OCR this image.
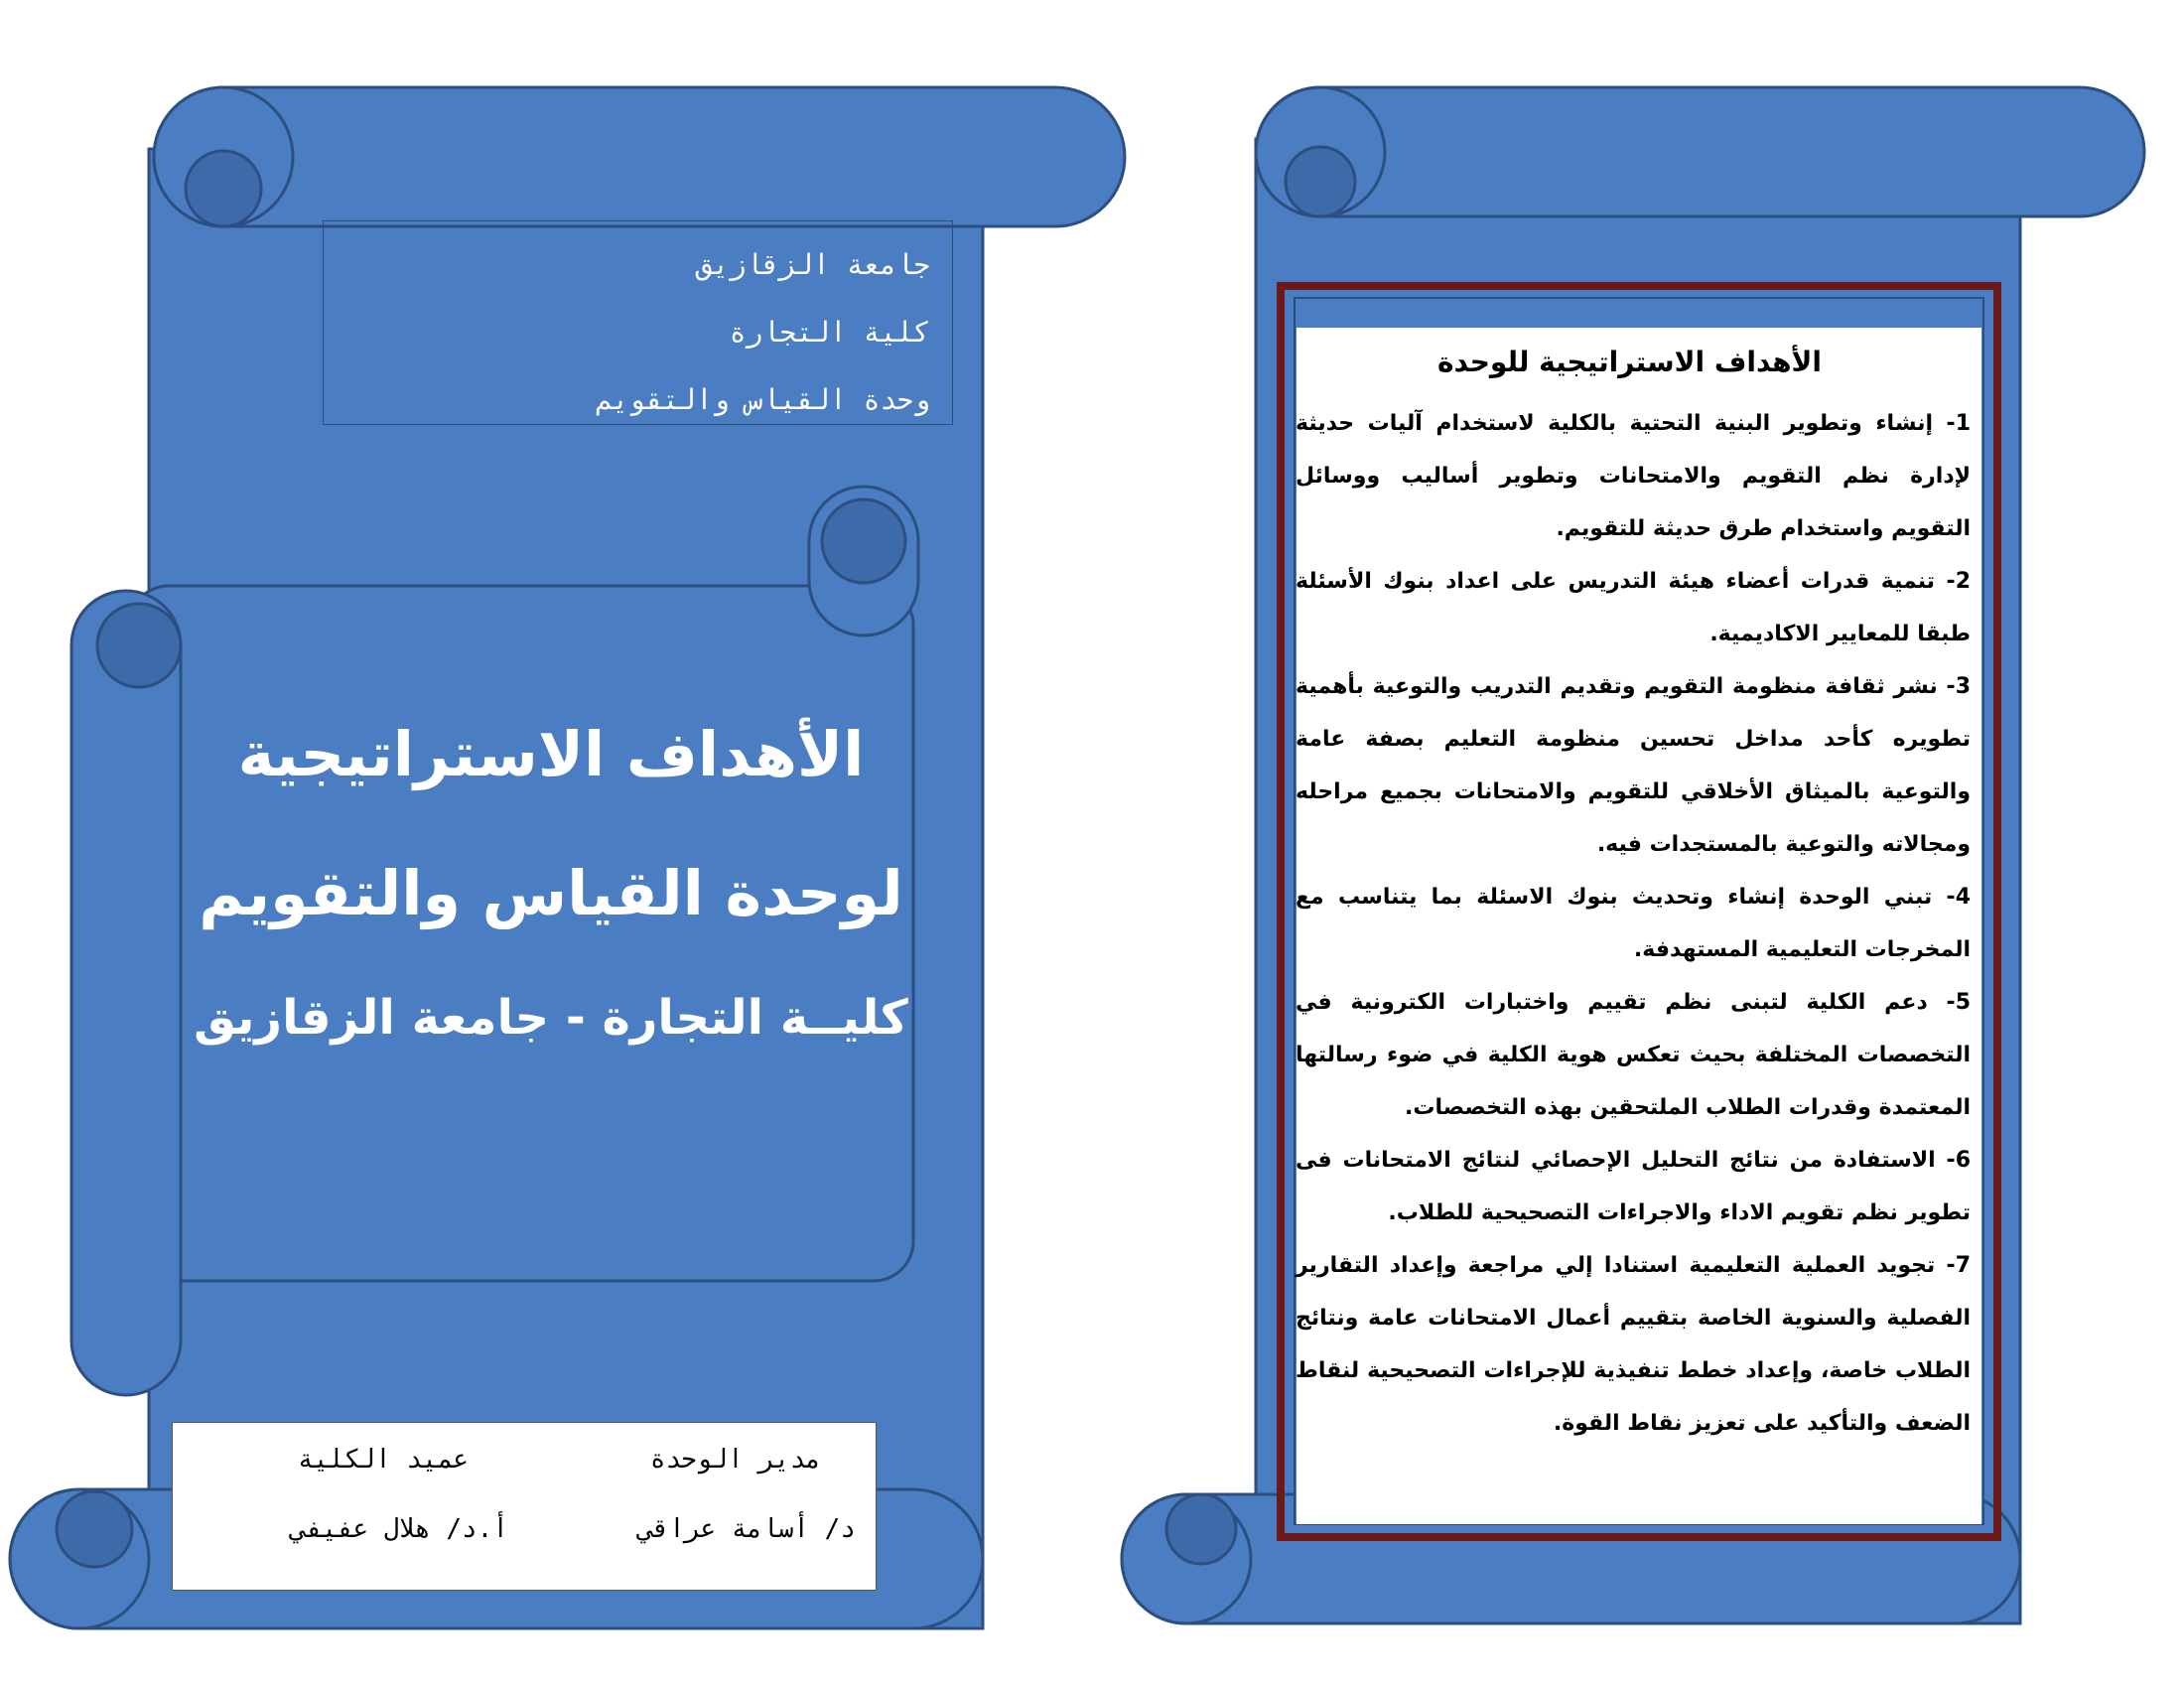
جامعة الزقازيق
كلية التجارة
وحدة القياس والتقويم
الأهداف الاستراتيجية
لوحدة القياس والتقويم
كليــة التجارة - جامعة الزقازيق
مدير الوحدة
د/ أسامة عراقي
عميد الكلية
أ.د/ هلال عفيفي
الأهداف الاستراتيجية للوحدة

1- إنشاء وتطوير البنية التحتية بالكلية لاستخدام آليات حديثة لإدارة نظم التقويم والامتحانات وتطوير أساليب ووسائل التقويم واستخدام طرق حديثة للتقويم.

2- تنمية قدرات أعضاء هيئة التدريس على اعداد بنوك الأسئلة طبقا للمعايير الاكاديمية.

3- نشر ثقافة منظومة التقويم وتقديم التدريب والتوعية بأهمية تطويره كأحد مداخل تحسين منظومة التعليم بصفة عامة والتوعية بالميثاق الأخلاقي للتقويم والامتحانات بجميع مراحله ومجالاته والتوعية بالمستجدات فيه.

4- تبني الوحدة إنشاء وتحديث بنوك الاسئلة بما يتناسب مع المخرجات التعليمية المستهدفة.

5- دعم الكلية لتبنى نظم تقييم واختبارات الكترونية في التخصصات المختلفة بحيث تعكس هوية الكلية في ضوء رسالتها المعتمدة وقدرات الطلاب الملتحقين بهذه التخصصات.

6- الاستفادة من نتائج التحليل الإحصائي لنتائج الامتحانات فى تطوير نظم تقويم الاداء والاجراءات التصحيحية للطلاب.

7- تجويد العملية التعليمية استنادا إلي مراجعة وإعداد التقارير الفصلية والسنوية الخاصة بتقييم أعمال الامتحانات عامة ونتائج الطلاب خاصة، وإعداد خطط تنفيذية للإجراءات التصحيحية لنقاط الضعف والتأكيد على تعزيز نقاط القوة.
